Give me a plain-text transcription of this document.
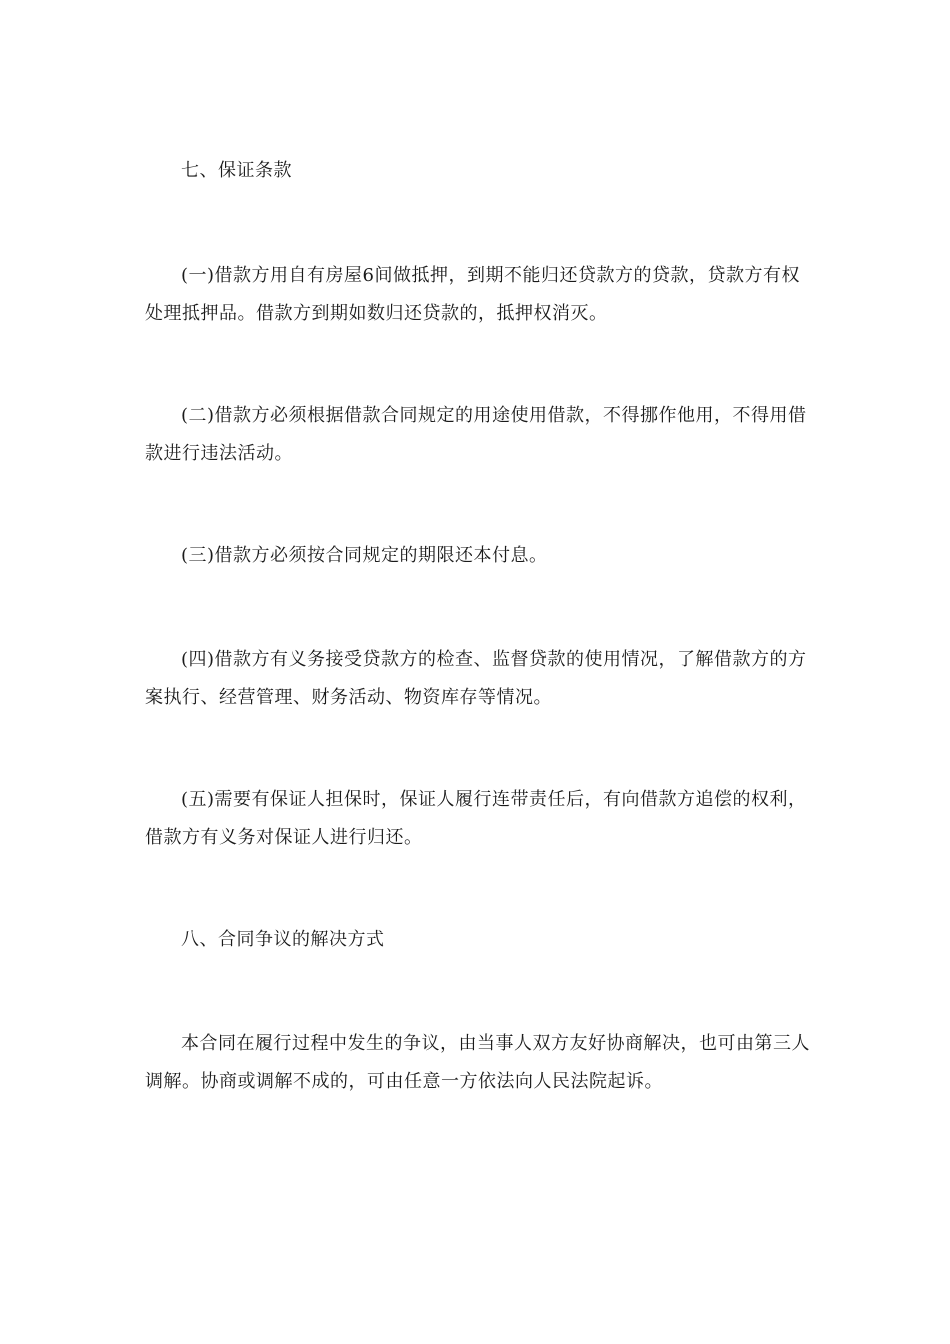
七、保证条款
(一)借款方用自有房屋6间做抵押，到期不能归还贷款方的贷款，贷款方有权处理抵押品。借款方到期如数归还贷款的，抵押权消灭。
(二)借款方必须根据借款合同规定的用途使用借款，不得挪作他用，不得用借款进行违法活动。
(三)借款方必须按合同规定的期限还本付息。
(四)借款方有义务接受贷款方的检查、监督贷款的使用情况，了解借款方的方案执行、经营管理、财务活动、物资库存等情况。
(五)需要有保证人担保时，保证人履行连带责任后，有向借款方追偿的权利，借款方有义务对保证人进行归还。
八、合同争议的解决方式
本合同在履行过程中发生的争议，由当事人双方友好协商解决，也可由第三人调解。协商或调解不成的，可由任意一方依法向人民法院起诉。
